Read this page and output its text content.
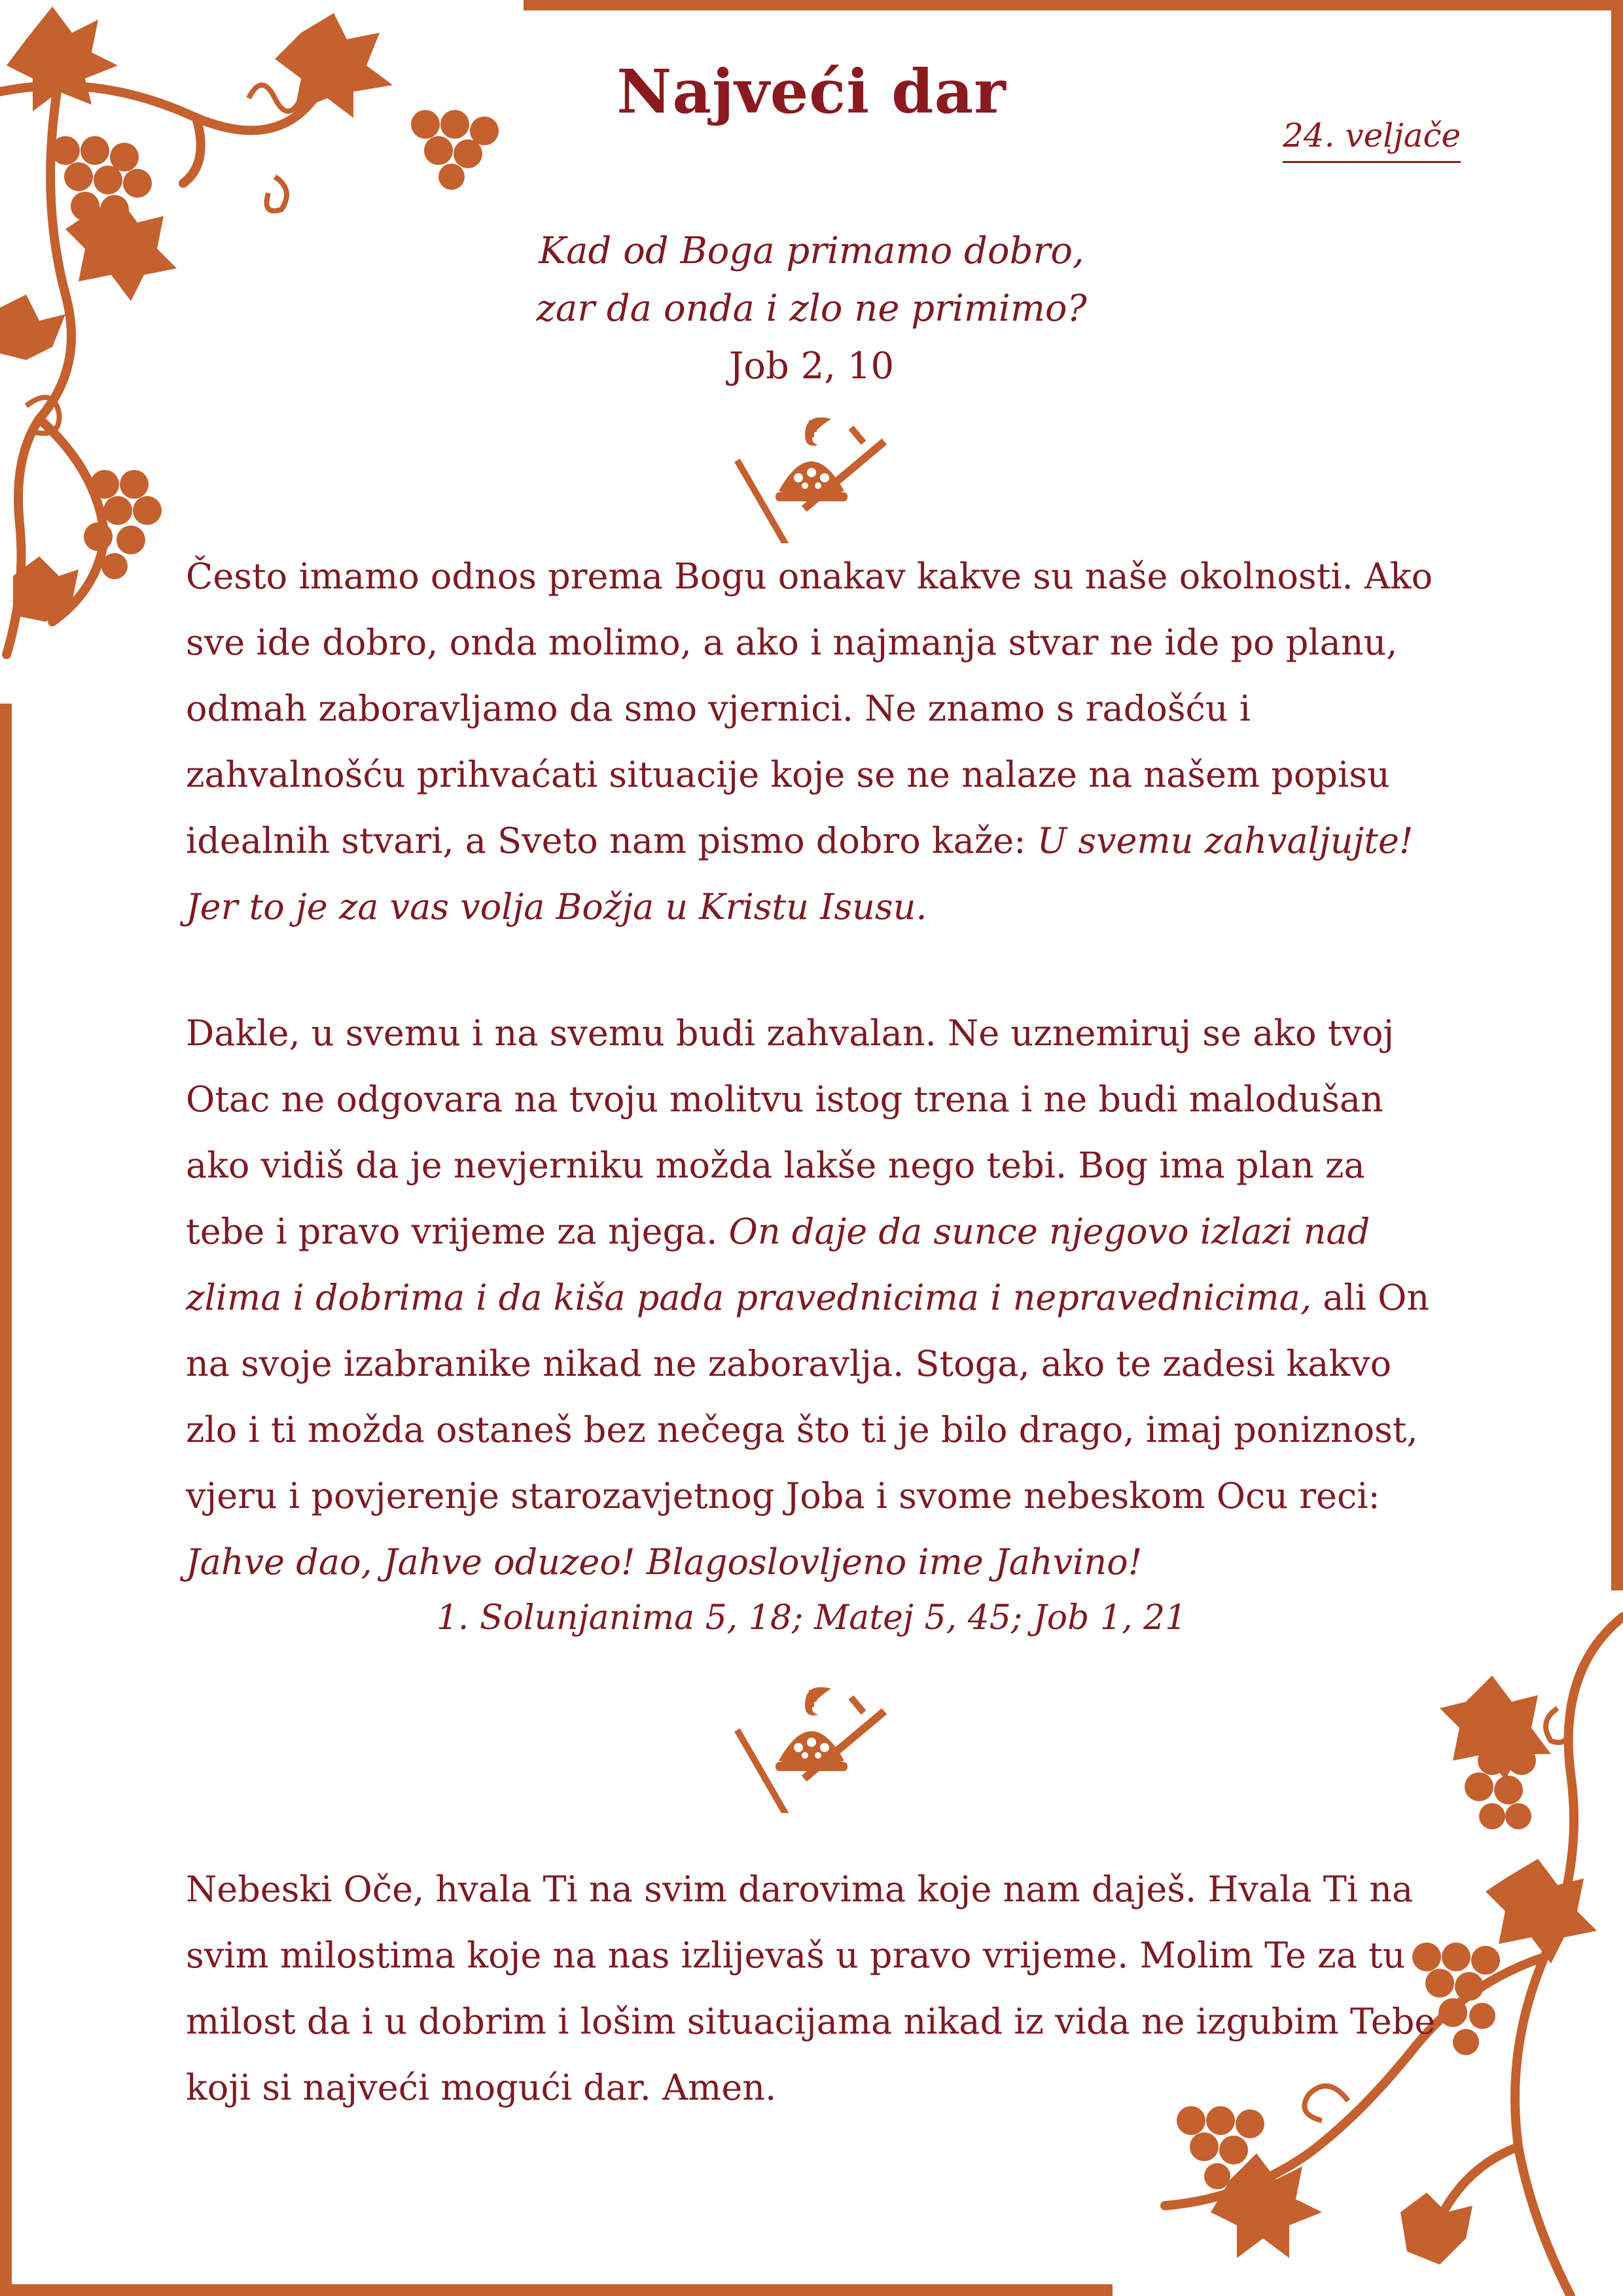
Najveći dar
24. veljače
Kad od Boga primamo dobro,
zar da onda i zlo ne primimo?
Job 2, 10

Često imamo odnos prema Bogu onakav kakve su naše okolnosti. Ako sve ide dobro, onda molimo, a ako i najmanja stvar ne ide po planu, odmah zaboravljamo da smo vjernici. Ne znamo s radošću i zahvalnošću prihvaćati situacije koje se ne nalaze na našem popisu idealnih stvari, a Sveto nam pismo dobro kaže: U svemu zahvaljujte! Jer to je za vas volja Božja u Kristu Isusu.

Dakle, u svemu i na svemu budi zahvalan. Ne uznemiruj se ako tvoj Otac ne odgovara na tvoju molitvu istog trena i ne budi malodušan ako vidiš da je nevjerniku možda lakše nego tebi. Bog ima plan za tebe i pravo vrijeme za njega. On daje da sunce njegovo izlazi nad zlima i dobrima i da kiša pada pravednicima i nepravednicima, ali On na svoje izabranike nikad ne zaboravlja. Stoga, ako te zadesi kakvo zlo i ti možda ostaneš bez nečega što ti je bilo drago, imaj poniznost, vjeru i povjerenje starozavjetnog Joba i svome nebeskom Ocu reci: Jahve dao, Jahve oduzeo! Blagoslovljeno ime Jahvino!

1. Solunjanima 5, 18; Matej 5, 45; Job 1, 21

Nebeski Oče, hvala Ti na svim darovima koje nam daješ. Hvala Ti na svim milostima koje na nas izlijevaš u pravo vrijeme. Molim Te za tu milost da i u dobrim i lošim situacijama nikad iz vida ne izgubim Tebe koji si najveći mogući dar. Amen.
